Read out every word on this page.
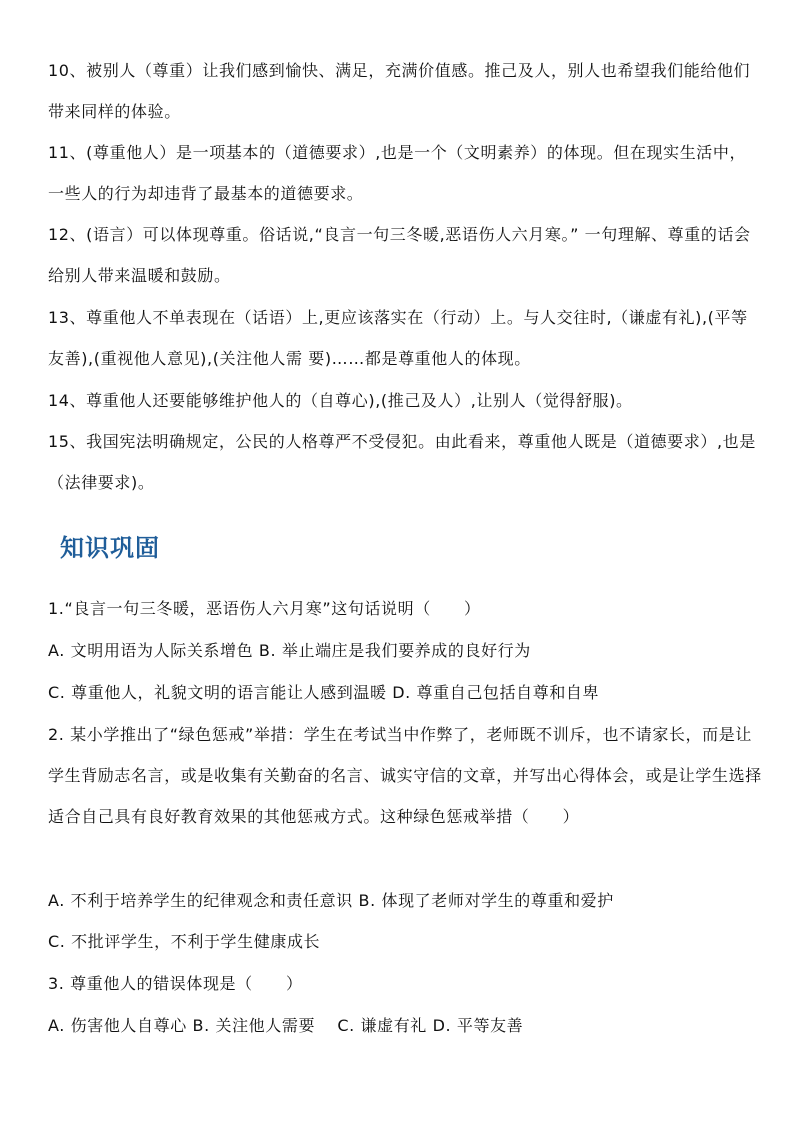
10、被别人（尊重）让我们感到愉快、满足，充满价值感。推己及人，别人也希望我们能给他们带来同样的体验。

11、(尊重他人）是一项基本的（道德要求）,也是一个（文明素养）的体现。但在现实生活中，一些人的行为却违背了最基本的道德要求。

12、(语言）可以体现尊重。俗话说,“良言一句三冬暖,恶语伤人六月寒。” 一句理解、尊重的话会给别人带来温暖和鼓励。

13、尊重他人不单表现在（话语）上,更应该落实在（行动）上。与人交往时,（谦虚有礼),(平等友善),(重视他人意见),(关注他人需 要)……都是尊重他人的体现。

14、尊重他人还要能够维护他人的（自尊心),(推己及人）,让别人（觉得舒服)。

15、我国宪法明确规定，公民的人格尊严不受侵犯。由此看来，尊重他人既是（道德要求）,也是（法律要求)。

知识巩固

1.“良言一句三冬暖，恶语伤人六月寒”这句话说明（　　）

A. 文明用语为人际关系增色 B. 举止端庄是我们要养成的良好行为

C. 尊重他人，礼貌文明的语言能让人感到温暖 D. 尊重自己包括自尊和自卑

2. 某小学推出了“绿色惩戒”举措：学生在考试当中作弊了，老师既不训斥，也不请家长，而是让学生背励志名言，或是收集有关勤奋的名言、诚实守信的文章，并写出心得体会，或是让学生选择适合自己具有良好教育效果的其他惩戒方式。这种绿色惩戒举措（　　）

A. 不利于培养学生的纪律观念和责任意识 B. 体现了老师对学生的尊重和爱护

C. 不批评学生，不利于学生健康成长

3. 尊重他人的错误体现是（　　）

A. 伤害他人自尊心 B. 关注他人需要　 C. 谦虚有礼 D. 平等友善
